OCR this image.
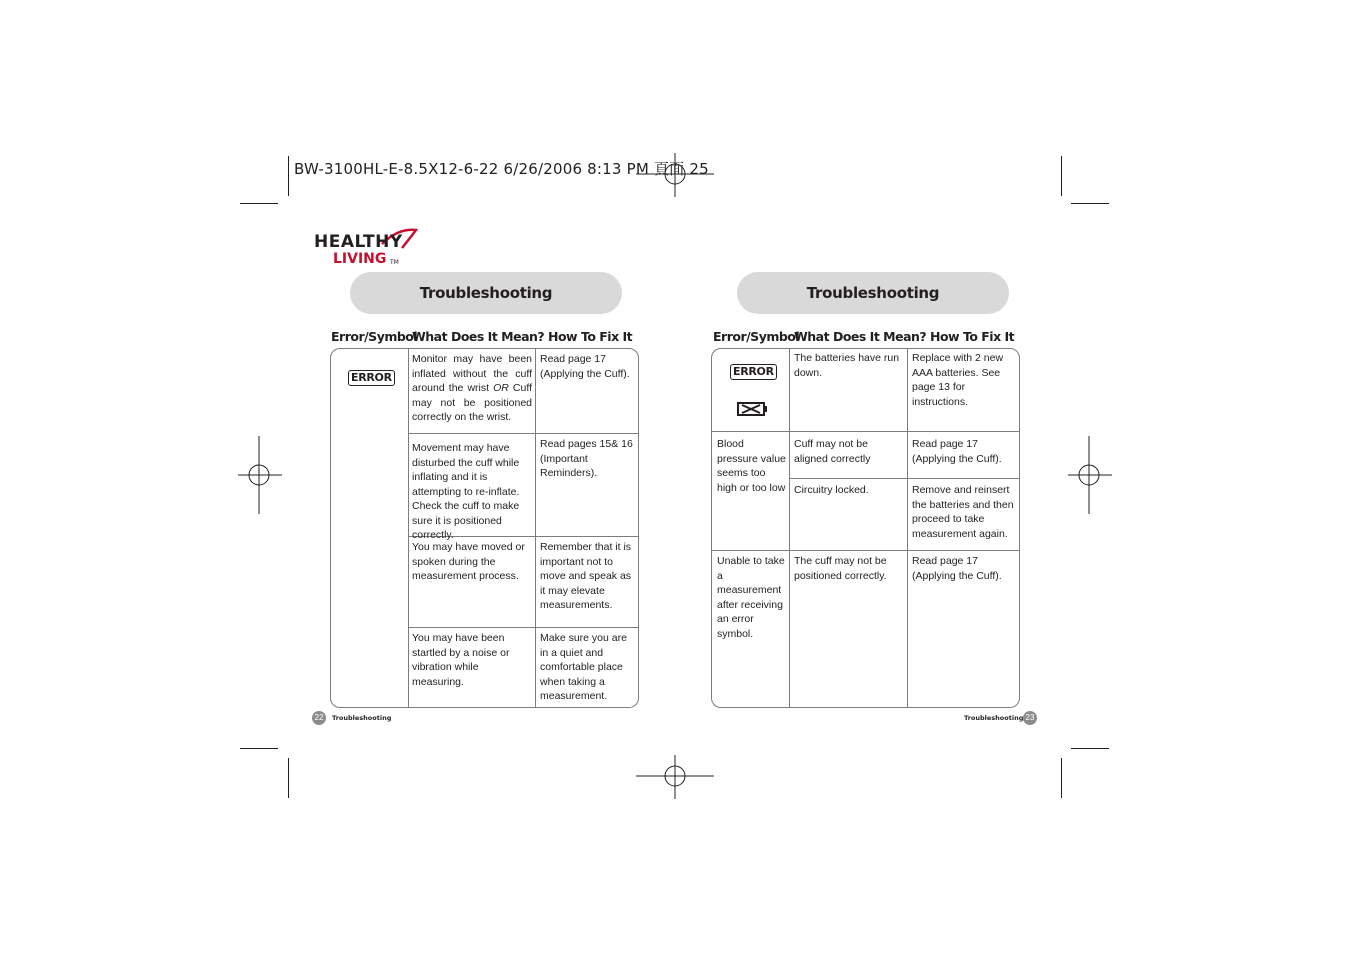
BW-3100HL-E-8.5X12-6-22 6/26/2006 8:13 PM 頁面 25
HEALTHY
LIVING TM
Troubleshooting
Error/Symbol
What Does It Mean? How To Fix It
ERROR
Monitor may have been inflated without the cuff around the wrist OR Cuff may not be positioned correctly on the wrist.
Read page 17 (Applying the Cuff).
Movement may have disturbed the cuff while inflating and it is attempting to re-inflate. Check the cuff to make sure it is positioned correctly.
Read pages 15& 16 (Important Reminders).
You may have moved or spoken during the measurement process.
Remember that it is important not to move and speak as it may elevate measurements.
You may have been startled by a noise or vibration while measuring.
Make sure you are in a quiet and comfortable place when taking a measurement.
22	Troubleshooting
Troubleshooting
Error/Symbol
What Does It Mean? How To Fix It
ERROR
The batteries have run down.
Replace with 2 new AAA batteries. See page 13 for instructions.
Blood pressure value seems too high or too low
Cuff may not be aligned correctly
Read page 17 (Applying the Cuff).
Circuitry locked.	Remove and reinsert the batteries and then proceed to take measurement again.
Unable to take a measurement after receiving an error symbol.
The cuff may not be positioned correctly.
Read page 17 (Applying the Cuff).
Troubleshooting 23
